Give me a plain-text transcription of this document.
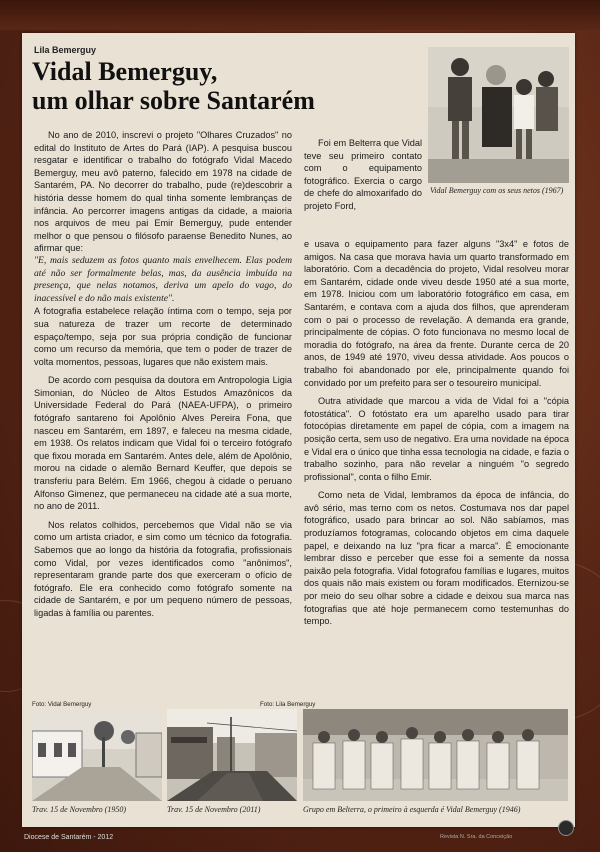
Lila Bemerguy
Vidal Bemerguy,
um olhar sobre Santarém
Vidal Bemerguy com os seus netos (1967)

No ano de 2010, inscrevi o projeto "Olhares Cruzados" no edital do Instituto de Artes do Pará (IAP). A pesquisa buscou resgatar e identificar o trabalho do fotógrafo Vidal Macedo Bemerguy, meu avô paterno, falecido em 1978 na cidade de Santarém, PA. No decorrer do trabalho, pude (re)descobrir a história desse homem do qual tinha somente lembranças de infância. Ao percorrer imagens antigas da cidade, a maioria nos arquivos de meu pai Emir Bemerguy, pude entender melhor o que pensou o filósofo paraense Benedito Nunes, ao afirmar que:

"E, mais seduzem as fotos quanto mais envelhecem. Elas podem até não ser formalmente belas, mas, da ausência imbuída na presença, que nelas notamos, deriva um apelo do vago, do inacessível e do não mais existente".

A fotografia estabelece relação íntima com o tempo, seja por sua natureza de trazer um recorte de determinado espaço/tempo, seja por sua própria condição de funcionar como um recurso da memória, que tem o poder de trazer de volta momentos, pessoas, lugares que não existem mais.

De acordo com pesquisa da doutora em Antropologia Ligia Simonian, do Núcleo de Altos Estudos Amazônicos da Universidade Federal do Pará (NAEA-UFPA), o primeiro fotógrafo santareno foi Apolônio Alves Pereira Fona, que nasceu em Santarém, em 1897, e faleceu na mesma cidade, em 1938. Os relatos indicam que Vidal foi o terceiro fotógrafo que fixou morada em Santarém. Antes dele, além de Apolônio, morou na cidade o alemão Bernard Keuffer, que depois se transferiu para Belém. Em 1966, chegou à cidade o peruano Alfonso Gimenez, que permaneceu na cidade até a sua morte, no ano de 2011.

Nos relatos colhidos, percebemos que Vidal não se via como um artista criador, e sim como um técnico da fotografia. Sabemos que ao longo da história da fotografia, profissionais como Vidal, por vezes identificados como "anônimos", representaram grande parte dos que exerceram o ofício de fotógrafo. Ele era conhecido como fotógrafo somente na cidade de Santarém, e por um pequeno número de pessoas, ligadas à família ou parentes.

Foi em Belterra que Vidal teve seu primeiro contato com o equipamento fotográfico. Exercia o cargo de chefe do almoxarifado do projeto Ford,

e usava o equipamento para fazer alguns "3x4" e fotos de amigos. Na casa que morava havia um quarto transformado em laboratório. Com a decadência do projeto, Vidal resolveu morar em Santarém, cidade onde viveu desde 1950 até a sua morte, em 1978. Iniciou com um laboratório fotográfico em casa, em Santarém, e contava com a ajuda dos filhos, que aprenderam com o pai o processo de revelação. A demanda era grande, principalmente de cópias. O foto funcionava no mesmo local de moradia do fotógrafo, na área da frente. Durante cerca de 20 anos, de 1949 até 1970, viveu dessa atividade. Aos poucos o trabalho foi abandonado por ele, principalmente quando foi convidado por um prefeito para ser o tesoureiro municipal.

Outra atividade que marcou a vida de Vidal foi a "cópia fotostática". O fotóstato era um aparelho usado para tirar fotocópias diretamente em papel de cópia, com a imagem na posição certa, sem uso de negativo. Era uma novidade na época e Vidal era o único que tinha essa tecnologia na cidade, e fazia o trabalho sozinho, para não revelar a ninguém "o segredo profissional", conta o filho Emir.

Como neta de Vidal, lembramos da época de infância, do avô sério, mas terno com os netos. Costumava nos dar papel fotográfico, usado para brincar ao sol. Não sabíamos, mas produzíamos fotogramas, colocando objetos em cima daquele papel, e deixando na luz "pra ficar a marca". É emocionante lembrar disso e perceber que esse foi a semente da nossa paixão pela fotografia. Vidal fotografou famílias e lugares, muitos dos quais não mais existem ou foram modificados. Eternizou-se por meio do seu olhar sobre a cidade e deixou sua marca nas fotografias que até hoje permanecem como testemunhas do tempo.

Foto: Vidal Bemerguy	Foto: Lila Bemerguy
Trav. 15 de Novembro (1950)	Trav. 15 de Novembro (2011)	Grupo em Belterra, o primeiro à esquerda é Vidal Bemerguy (1946)
Diocese de Santarém - 2012	Revista N. Sra. da Conceição
